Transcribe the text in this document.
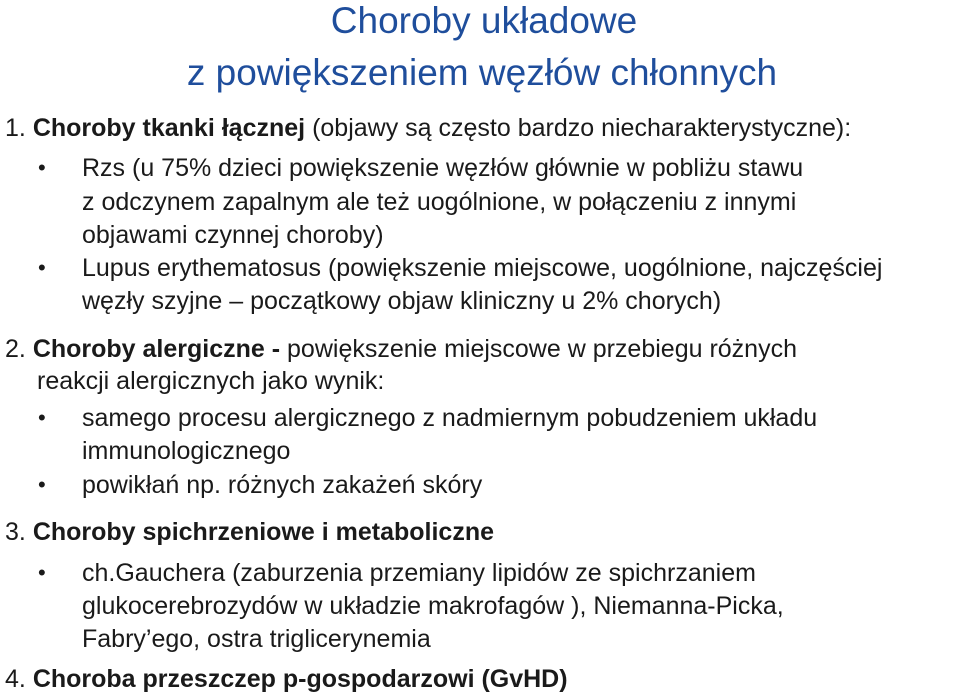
Choroby układowe
z powiększeniem węzłów chłonnych
1. Choroby tkanki łącznej (objawy są często bardzo niecharakterystyczne):
• Rzs (u 75% dzieci powiększenie węzłów głównie w pobliżu stawu
z odczynem zapalnym ale też uogólnione, w połączeniu z innymi
objawami czynnej choroby)
• Lupus erythematosus (powiększenie miejscowe, uogólnione, najczęściej
węzły szyjne – początkowy objaw kliniczny u 2% chorych)
2. Choroby alergiczne - powiększenie miejscowe w przebiegu różnych
reakcji alergicznych jako wynik:
• samego procesu alergicznego z nadmiernym pobudzeniem układu
immunologicznego
• powikłań np. różnych zakażeń skóry
3. Choroby spichrzeniowe i metaboliczne
• ch.Gauchera (zaburzenia przemiany lipidów ze spichrzaniem
glukocerebrozydów w układzie makrofagów ), Niemanna-Picka,
Fabry’ego, ostra triglicerynemia
4. Choroba przeszczep p-gospodarzowi (GvHD)
